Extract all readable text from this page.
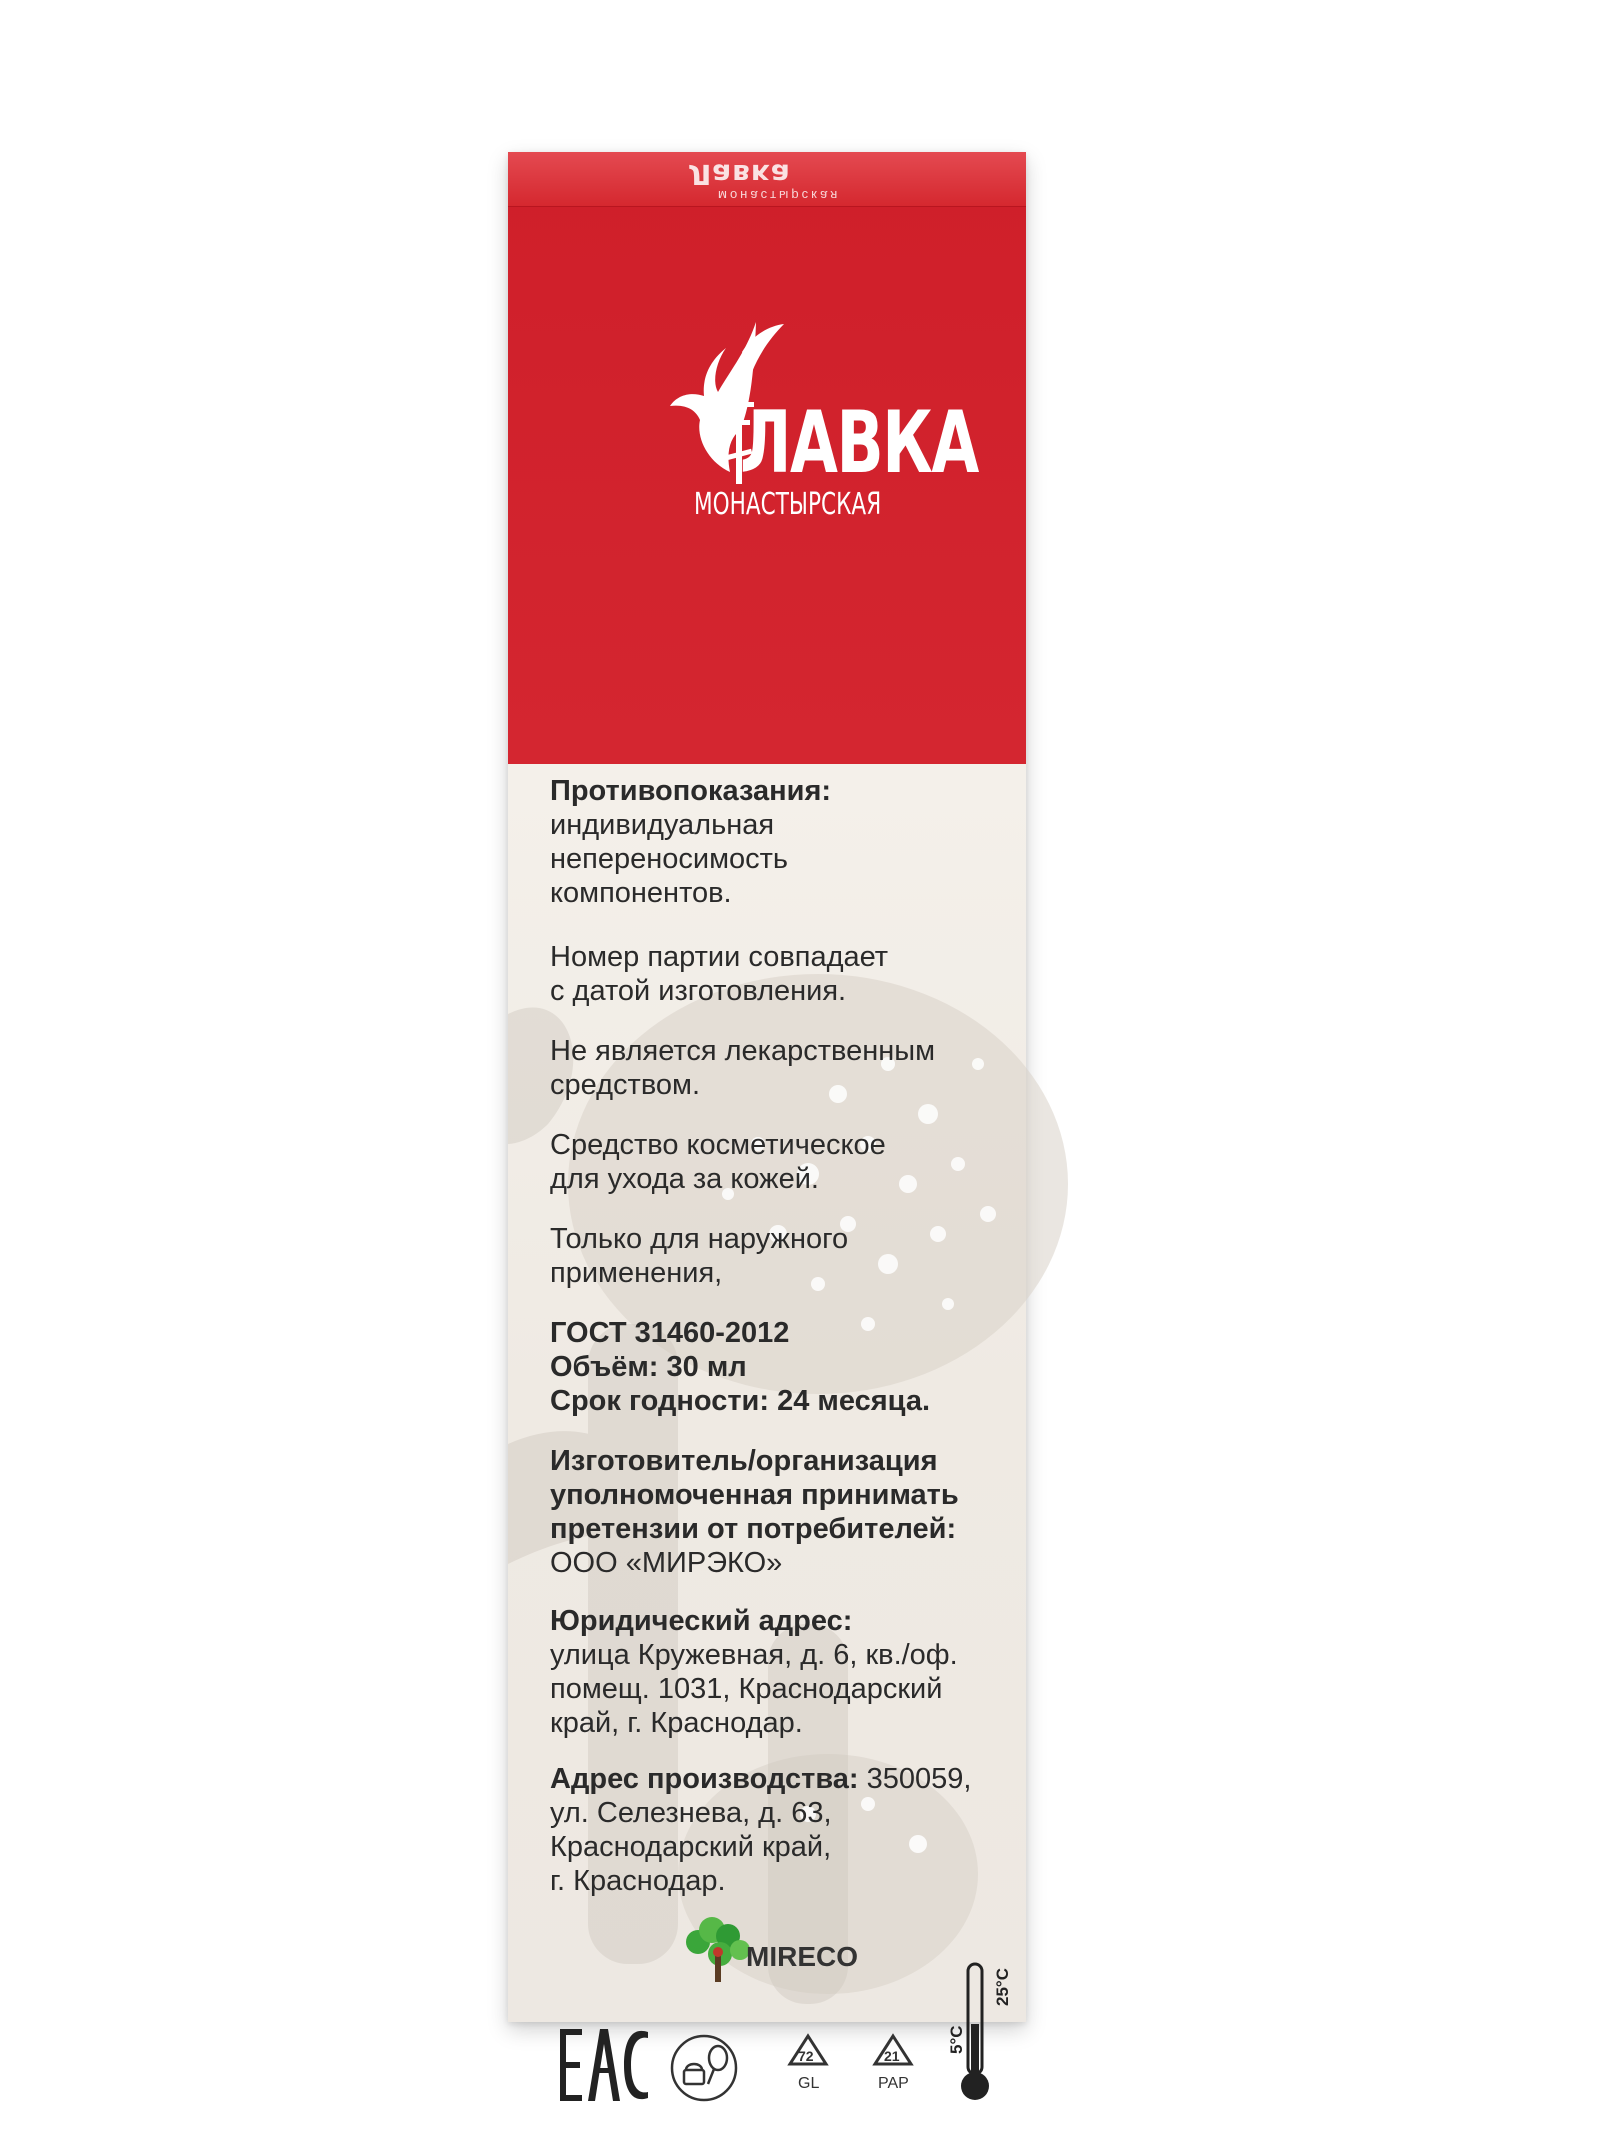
Лавка
монастырская
ЛАВКА
МОНАСТЫРСКАЯ

Противопоказания:
индивидуальная
непереносимость
компонентов.

Номер партии совпадает
с датой изготовления.

Не является лекарственным
средством.

Средство косметическое
для ухода за кожей.

Только для наружного
применения,

ГОСТ 31460-2012
Объём: 30 мл
Срок годности: 24 месяца.

Изготовитель/организация
уполномоченная принимать
претензии от потребителей:
ООО «МИРЭКО»

Юридический адрес:
улица Кружевная, д. 6, кв./оф.
помещ. 1031, Краснодарский
край, г. Краснодар.

Адрес производства: 350059,
ул. Селезнева, д. 63,
Краснодарский край,
г. Краснодар.

MIRECO
72
GL
21
PAP
5°C
25°C
